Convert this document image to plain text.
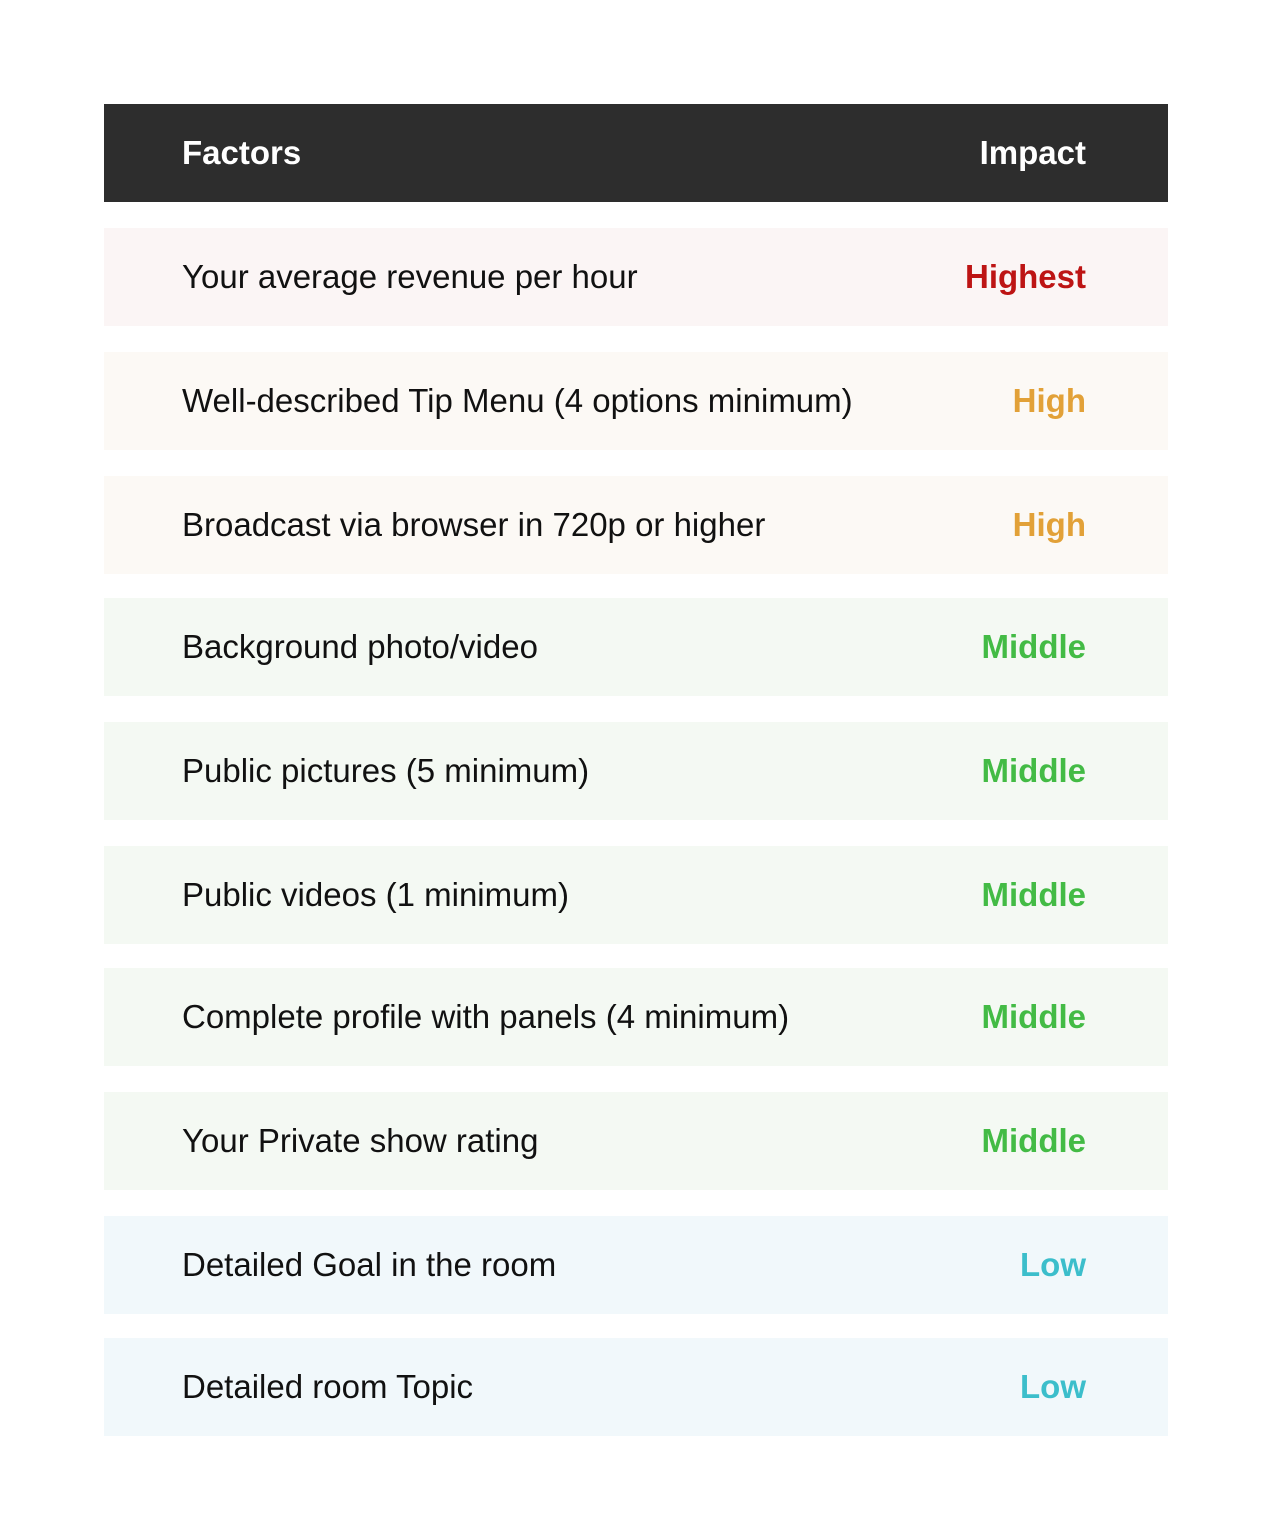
Factors	Impact
Your average revenue per hour	Highest
Well-described Tip Menu (4 options minimum)	High
Broadcast via browser in 720p or higher	High
Background photo/video	Middle
Public pictures (5 minimum)	Middle
Public videos (1 minimum)	Middle
Complete profile with panels (4 minimum)	Middle
Your Private show rating	Middle
Detailed Goal in the room	Low
Detailed room Topic	Low
